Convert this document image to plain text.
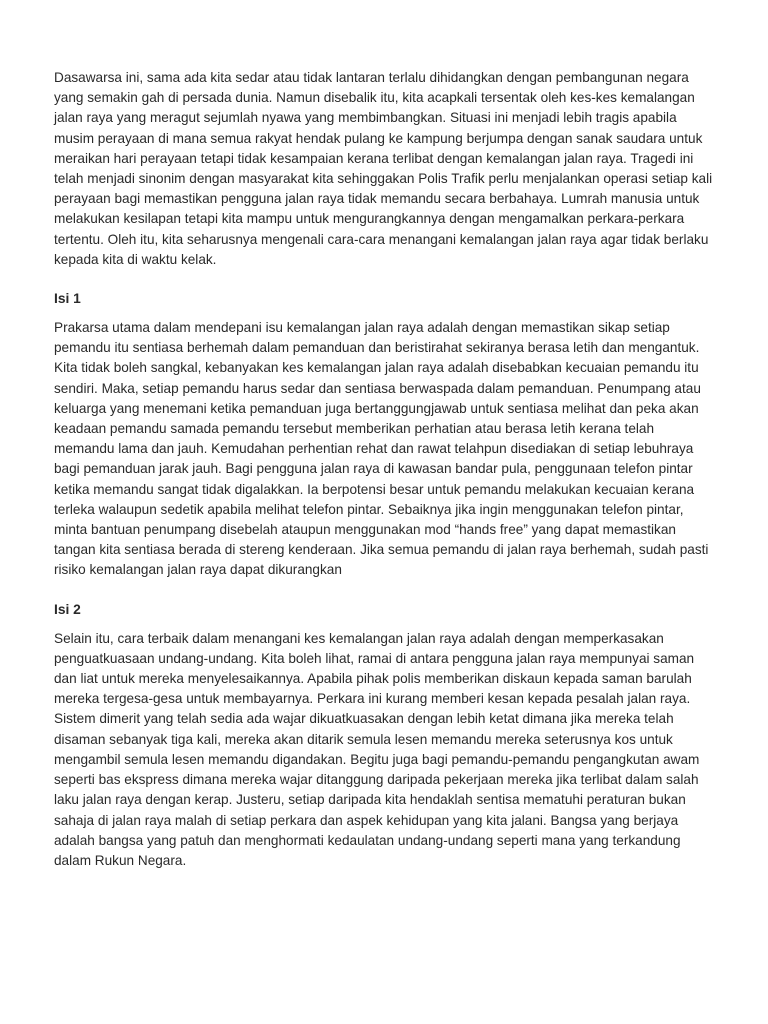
Dasawarsa ini, sama ada kita sedar atau tidak lantaran terlalu dihidangkan dengan pembangunan negara yang semakin gah di persada dunia. Namun disebalik itu, kita acapkali tersentak oleh kes-kes kemalangan jalan raya yang meragut sejumlah nyawa yang membimbangkan. Situasi ini menjadi lebih tragis apabila musim perayaan di mana semua rakyat hendak pulang ke kampung berjumpa dengan sanak saudara untuk meraikan hari perayaan tetapi tidak kesampaian kerana terlibat dengan kemalangan jalan raya. Tragedi ini telah menjadi sinonim dengan masyarakat kita sehinggakan Polis Trafik perlu menjalankan operasi setiap kali perayaan bagi memastikan pengguna jalan raya tidak memandu secara berbahaya. Lumrah manusia untuk melakukan kesilapan tetapi kita mampu untuk mengurangkannya dengan mengamalkan perkara-perkara tertentu. Oleh itu, kita seharusnya mengenali cara-cara menangani kemalangan jalan raya agar tidak berlaku kepada kita di waktu kelak.

Isi 1

Prakarsa utama dalam mendepani isu kemalangan jalan raya adalah dengan memastikan sikap setiap pemandu itu sentiasa berhemah dalam pemanduan dan beristirahat sekiranya berasa letih dan mengantuk. Kita tidak boleh sangkal, kebanyakan kes kemalangan jalan raya adalah disebabkan kecuaian pemandu itu sendiri. Maka, setiap pemandu harus sedar dan sentiasa berwaspada dalam pemanduan. Penumpang atau keluarga yang menemani ketika pemanduan juga bertanggungjawab untuk sentiasa melihat dan peka akan keadaan pemandu samada pemandu tersebut memberikan perhatian atau berasa letih kerana telah memandu lama dan jauh. Kemudahan perhentian rehat dan rawat telahpun disediakan di setiap lebuhraya bagi pemanduan jarak jauh. Bagi pengguna jalan raya di kawasan bandar pula, penggunaan telefon pintar ketika memandu sangat tidak digalakkan. Ia berpotensi besar untuk pemandu melakukan kecuaian kerana terleka walaupun sedetik apabila melihat telefon pintar. Sebaiknya jika ingin menggunakan telefon pintar, minta bantuan penumpang disebelah ataupun menggunakan mod “hands free” yang dapat memastikan tangan kita sentiasa berada di stereng kenderaan. Jika semua pemandu di jalan raya berhemah, sudah pasti risiko kemalangan jalan raya dapat dikurangkan

Isi 2

Selain itu, cara terbaik dalam menangani kes kemalangan jalan raya adalah dengan memperkasakan penguatkuasaan undang-undang. Kita boleh lihat, ramai di antara pengguna jalan raya mempunyai saman dan liat untuk mereka menyelesaikannya. Apabila pihak polis memberikan diskaun kepada saman barulah mereka tergesa-gesa untuk membayarnya. Perkara ini kurang memberi kesan kepada pesalah jalan raya. Sistem dimerit yang telah sedia ada wajar dikuatkuasakan dengan lebih ketat dimana jika mereka telah disaman sebanyak tiga kali, mereka akan ditarik semula lesen memandu mereka seterusnya kos untuk mengambil semula lesen memandu digandakan. Begitu juga bagi pemandu-pemandu pengangkutan awam seperti bas ekspress dimana mereka wajar ditanggung daripada pekerjaan mereka jika terlibat dalam salah laku jalan raya dengan kerap. Justeru, setiap daripada kita hendaklah sentisa mematuhi peraturan bukan sahaja di jalan raya malah di setiap perkara dan aspek kehidupan yang kita jalani. Bangsa yang berjaya adalah bangsa yang patuh dan menghormati kedaulatan undang-undang seperti mana yang terkandung dalam Rukun Negara.
